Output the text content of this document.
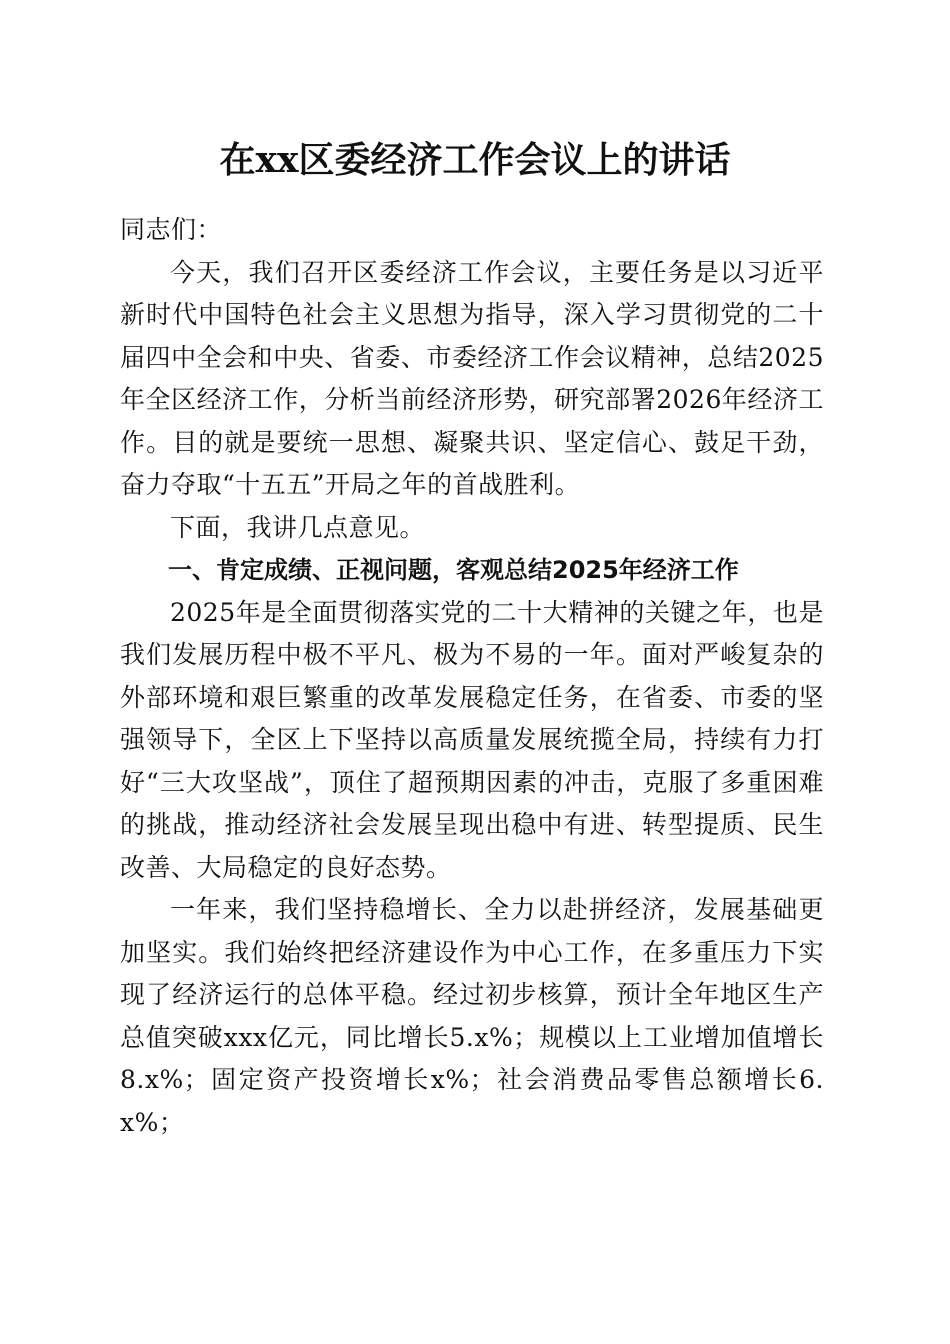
在xx区委经济工作会议上的讲话

同志们：

今天，我们召开区委经济工作会议，主要任务是以习近平新时代中国特色社会主义思想为指导，深入学习贯彻党的二十届四中全会和中央、省委、市委经济工作会议精神，总结2025年全区经济工作，分析当前经济形势，研究部署2026年经济工作。目的就是要统一思想、凝聚共识、坚定信心、鼓足干劲，奋力夺取“十五五”开局之年的首战胜利。

下面，我讲几点意见。

一、肯定成绩、正视问题，客观总结2025年经济工作

2025年是全面贯彻落实党的二十大精神的关键之年，也是我们发展历程中极不平凡、极为不易的一年。面对严峻复杂的外部环境和艰巨繁重的改革发展稳定任务，在省委、市委的坚强领导下，全区上下坚持以高质量发展统揽全局，持续有力打好“三大攻坚战”，顶住了超预期因素的冲击，克服了多重困难的挑战，推动经济社会发展呈现出稳中有进、转型提质、民生改善、大局稳定的良好态势。

一年来，我们坚持稳增长、全力以赴拼经济，发展基础更加坚实。我们始终把经济建设作为中心工作，在多重压力下实现了经济运行的总体平稳。经过初步核算，预计全年地区生产总值突破xxx亿元，同比增长5.x%；规模以上工业增加值增长8.x%；固定资产投资增长x%；社会消费品零售总额增长6.x%；
